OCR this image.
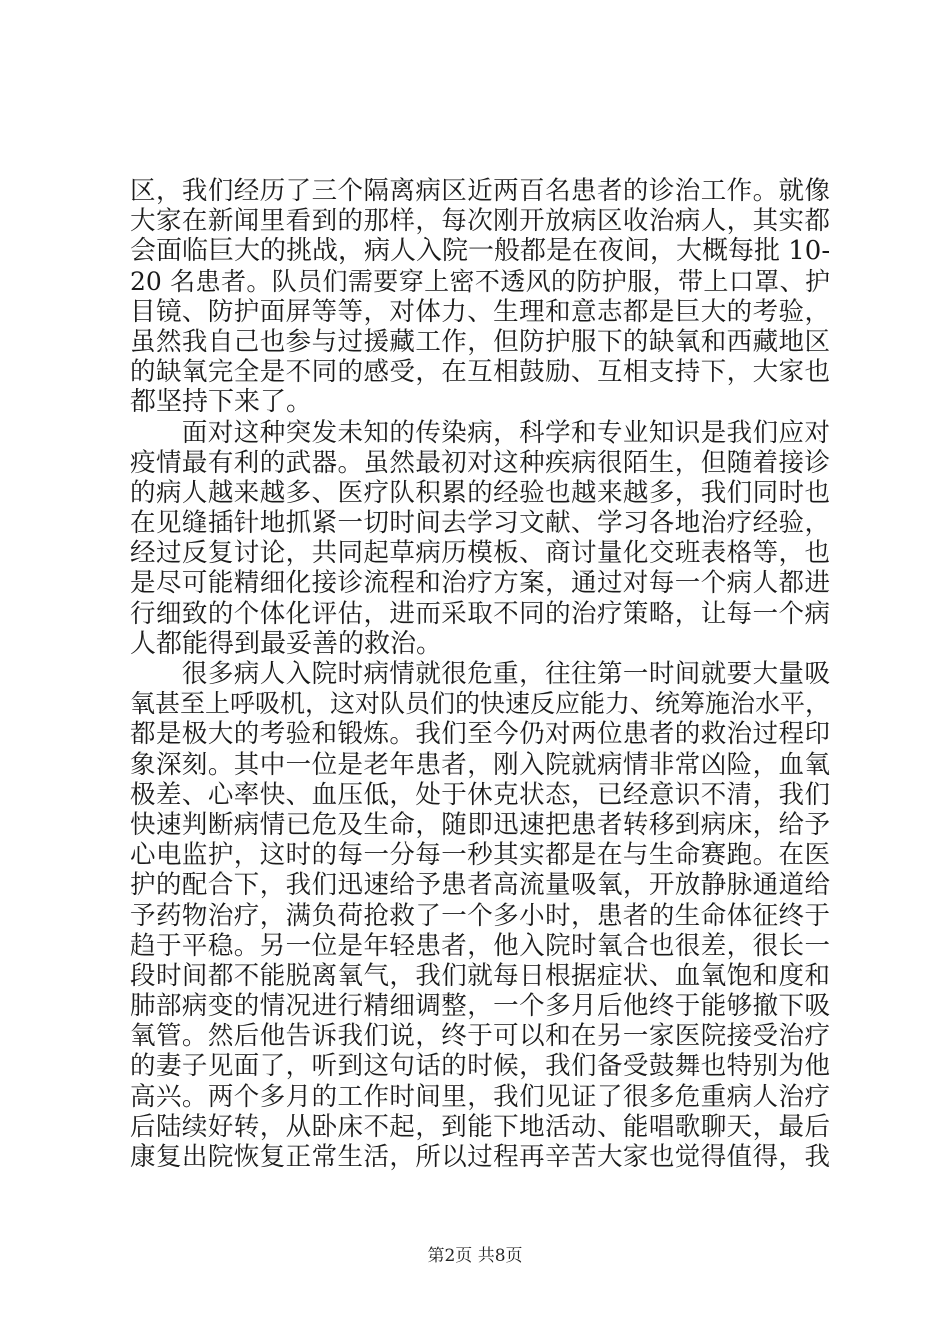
区，我们经历了三个隔离病区近两百名患者的诊治工作。就像
大家在新闻里看到的那样，每次刚开放病区收治病人，其实都
会面临巨大的挑战，病人入院一般都是在夜间，大概每批 10-
20 名患者。队员们需要穿上密不透风的防护服，带上口罩、护
目镜、防护面屏等等，对体力、生理和意志都是巨大的考验，
虽然我自己也参与过援藏工作，但防护服下的缺氧和西藏地区
的缺氧完全是不同的感受，在互相鼓励、互相支持下，大家也
都坚持下来了。
　　面对这种突发未知的传染病，科学和专业知识是我们应对
疫情最有利的武器。虽然最初对这种疾病很陌生，但随着接诊
的病人越来越多、医疗队积累的经验也越来越多，我们同时也
在见缝插针地抓紧一切时间去学习文献、学习各地治疗经验，
经过反复讨论，共同起草病历模板、商讨量化交班表格等，也
是尽可能精细化接诊流程和治疗方案，通过对每一个病人都进
行细致的个体化评估，进而采取不同的治疗策略，让每一个病
人都能得到最妥善的救治。
　　很多病人入院时病情就很危重，往往第一时间就要大量吸
氧甚至上呼吸机，这对队员们的快速反应能力、统筹施治水平，
都是极大的考验和锻炼。我们至今仍对两位患者的救治过程印
象深刻。其中一位是老年患者，刚入院就病情非常凶险，血氧
极差、心率快、血压低，处于休克状态，已经意识不清，我们
快速判断病情已危及生命，随即迅速把患者转移到病床，给予
心电监护，这时的每一分每一秒其实都是在与生命赛跑。在医
护的配合下，我们迅速给予患者高流量吸氧，开放静脉通道给
予药物治疗，满负荷抢救了一个多小时，患者的生命体征终于
趋于平稳。另一位是年轻患者，他入院时氧合也很差，很长一
段时间都不能脱离氧气，我们就每日根据症状、血氧饱和度和
肺部病变的情况进行精细调整，一个多月后他终于能够撤下吸
氧管。然后他告诉我们说，终于可以和在另一家医院接受治疗
的妻子见面了，听到这句话的时候，我们备受鼓舞也特别为他
高兴。两个多月的工作时间里，我们见证了很多危重病人治疗
后陆续好转，从卧床不起，到能下地活动、能唱歌聊天，最后
康复出院恢复正常生活，所以过程再辛苦大家也觉得值得，我
第2页 共8页
